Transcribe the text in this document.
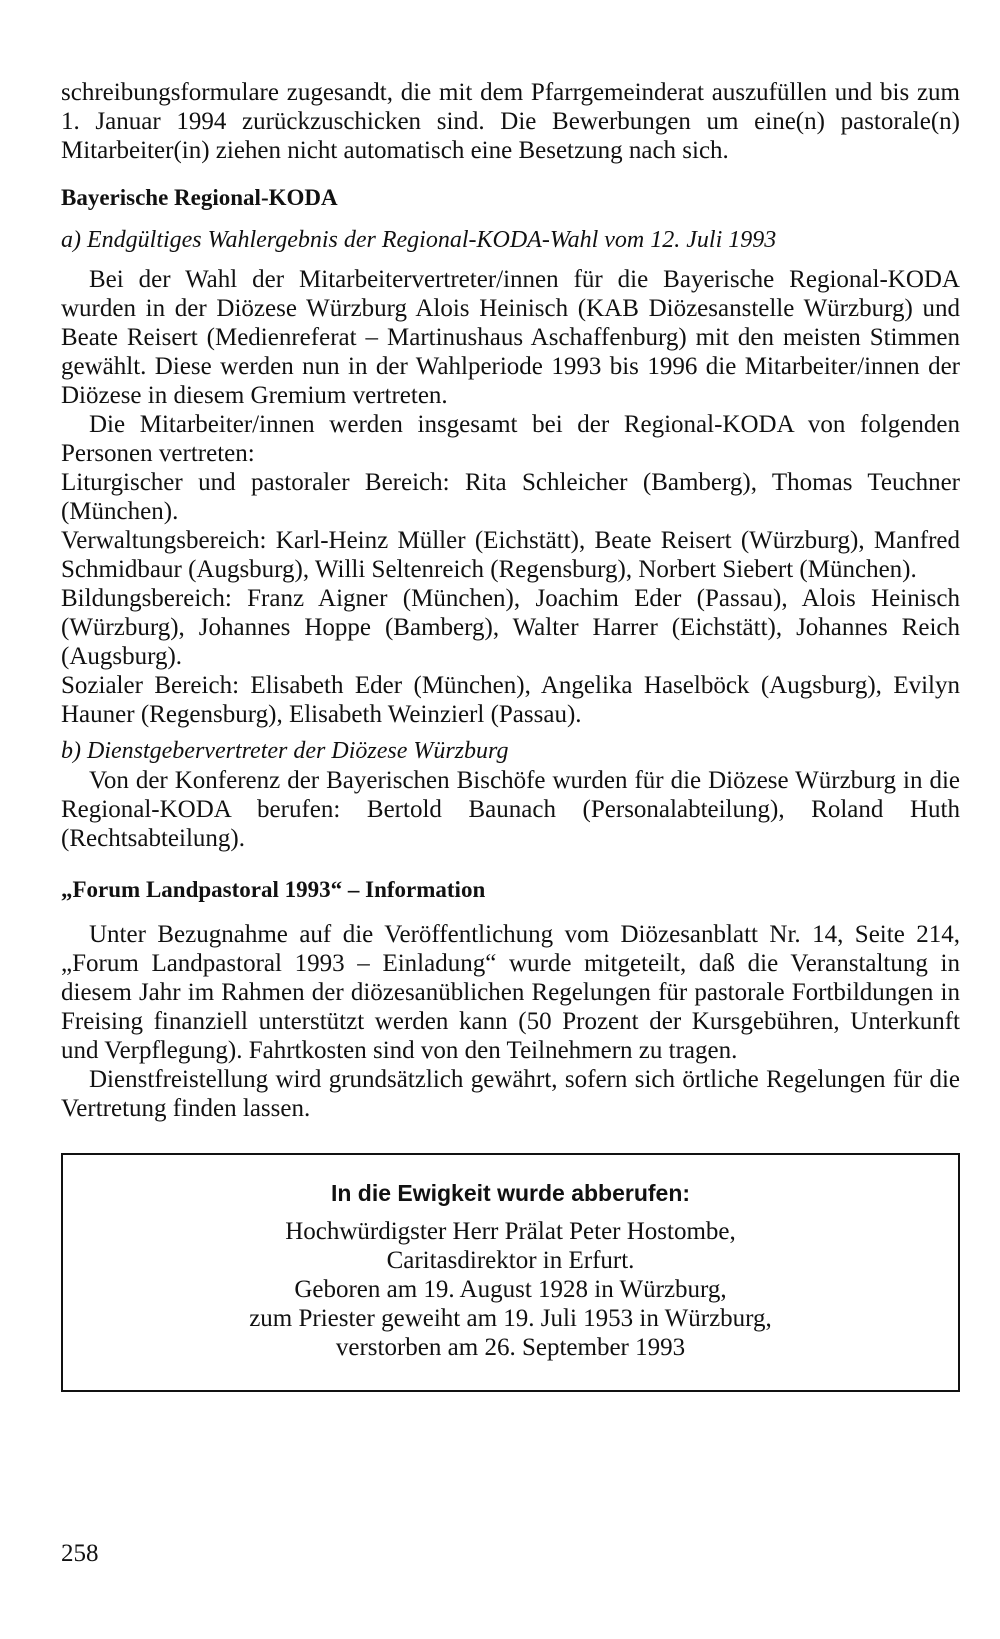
schreibungsformulare zugesandt, die mit dem Pfarrgemeinderat auszufüllen und bis zum 1. Januar 1994 zurückzuschicken sind. Die Bewerbungen um eine(n) pastorale(n) Mitarbeiter(in) ziehen nicht automatisch eine Besetzung nach sich.

Bayerische Regional-KODA
a) Endgültiges Wahlergebnis der Regional-KODA-Wahl vom 12. Juli 1993

Bei der Wahl der Mitarbeitervertreter/innen für die Bayerische Regional-KODA wurden in der Diözese Würzburg Alois Heinisch (KAB Diözesanstelle Würzburg) und Beate Reisert (Medienreferat – Martinushaus Aschaffenburg) mit den meisten Stimmen gewählt. Diese werden nun in der Wahlperiode 1993 bis 1996 die Mitarbeiter/innen der Diözese in diesem Gremium vertreten.

Die Mitarbeiter/innen werden insgesamt bei der Regional-KODA von folgenden Personen vertreten:

Liturgischer und pastoraler Bereich: Rita Schleicher (Bamberg), Thomas Teuchner (München).

Verwaltungsbereich: Karl-Heinz Müller (Eichstätt), Beate Reisert (Würzburg), Manfred Schmidbaur (Augsburg), Willi Seltenreich (Regensburg), Norbert Siebert (München).

Bildungsbereich: Franz Aigner (München), Joachim Eder (Passau), Alois Heinisch (Würzburg), Johannes Hoppe (Bamberg), Walter Harrer (Eichstätt), Johannes Reich (Augsburg).

Sozialer Bereich: Elisabeth Eder (München), Angelika Haselböck (Augsburg), Evilyn Hauner (Regensburg), Elisabeth Weinzierl (Passau).

b) Dienstgebervertreter der Diözese Würzburg

Von der Konferenz der Bayerischen Bischöfe wurden für die Diözese Würzburg in die Regional-KODA berufen: Bertold Baunach (Personalabteilung), Roland Huth (Rechtsabteilung).

„Forum Landpastoral 1993“ – Information

Unter Bezugnahme auf die Veröffentlichung vom Diözesanblatt Nr. 14, Seite 214, „Forum Landpastoral 1993 – Einladung“ wurde mitgeteilt, daß die Veranstaltung in diesem Jahr im Rahmen der diözesanüblichen Regelungen für pastorale Fortbildungen in Freising finanziell unterstützt werden kann (50 Prozent der Kursgebühren, Unterkunft und Verpflegung). Fahrtkosten sind von den Teilnehmern zu tragen.

Dienstfreistellung wird grundsätzlich gewährt, sofern sich örtliche Regelungen für die Vertretung finden lassen.

In die Ewigkeit wurde abberufen:
Hochwürdigster Herr Prälat Peter Hostombe,
Caritasdirektor in Erfurt.
Geboren am 19. August 1928 in Würzburg,
zum Priester geweiht am 19. Juli 1953 in Würzburg,
verstorben am 26. September 1993
258
